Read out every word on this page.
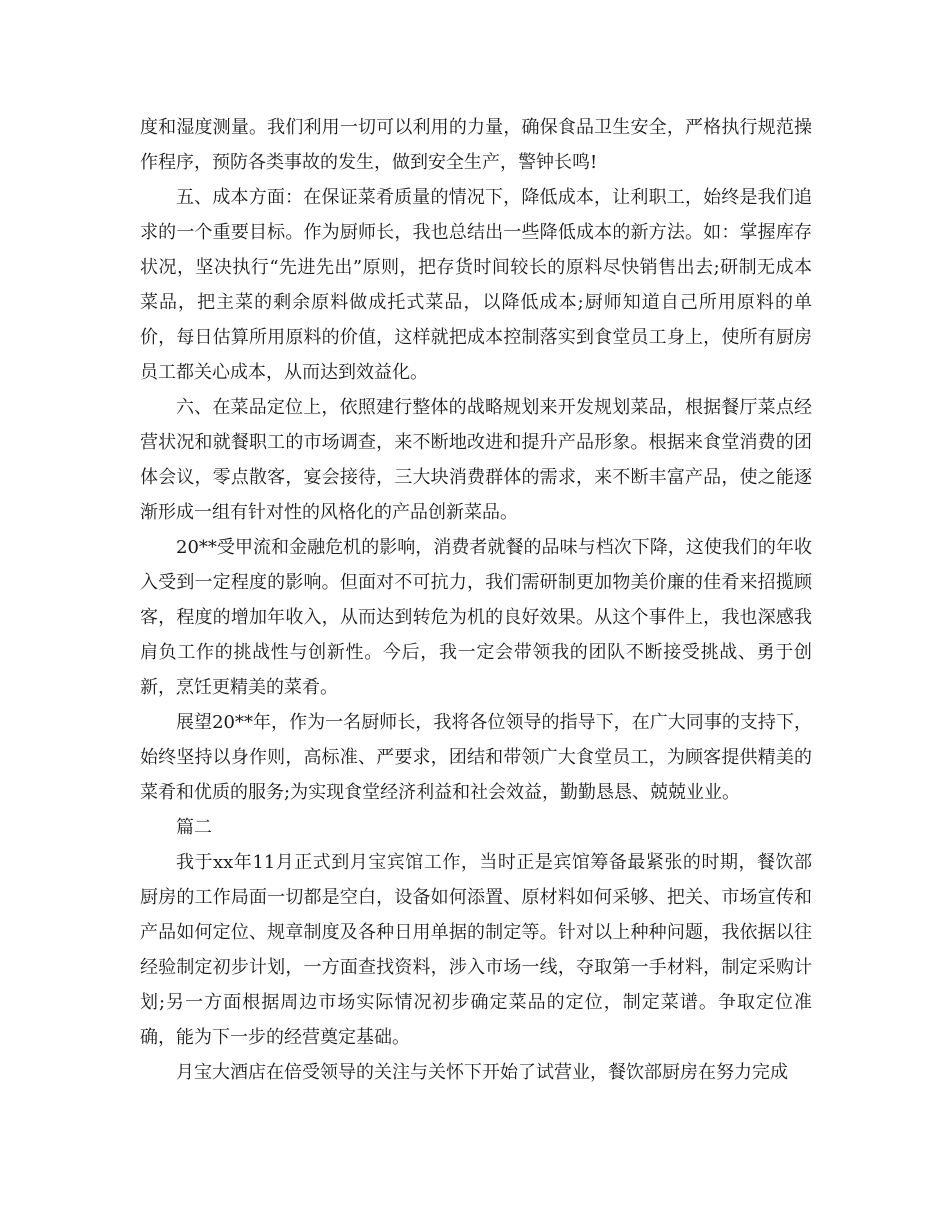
度和湿度测量。我们利用一切可以利用的力量，确保食品卫生安全，严格执行规范操作程序，预防各类事故的发生，做到安全生产，警钟长鸣!

五、成本方面：在保证菜肴质量的情况下，降低成本，让利职工，始终是我们追求的一个重要目标。作为厨师长，我也总结出一些降低成本的新方法。如：掌握库存状况，坚决执行“先进先出”原则，把存货时间较长的原料尽快销售出去;研制无成本菜品，把主菜的剩余原料做成托式菜品，以降低成本;厨师知道自己所用原料的单价，每日估算所用原料的价值，这样就把成本控制落实到食堂员工身上，使所有厨房员工都关心成本，从而达到效益化。

六、在菜品定位上，依照建行整体的战略规划来开发规划菜品，根据餐厅菜点经营状况和就餐职工的市场调查，来不断地改进和提升产品形象。根据来食堂消费的团体会议，零点散客，宴会接待，三大块消费群体的需求，来不断丰富产品，使之能逐渐形成一组有针对性的风格化的产品创新菜品。

20**受甲流和金融危机的影响，消费者就餐的品味与档次下降，这使我们的年收入受到一定程度的影响。但面对不可抗力，我们需研制更加物美价廉的佳肴来招揽顾客，程度的增加年收入，从而达到转危为机的良好效果。从这个事件上，我也深感我肩负工作的挑战性与创新性。今后，我一定会带领我的团队不断接受挑战、勇于创新，烹饪更精美的菜肴。

展望20**年，作为一名厨师长，我将各位领导的指导下，在广大同事的支持下，始终坚持以身作则，高标准、严要求，团结和带领广大食堂员工，为顾客提供精美的菜肴和优质的服务;为实现食堂经济利益和社会效益，勤勤恳恳、兢兢业业。

篇二

我于xx年11月正式到月宝宾馆工作，当时正是宾馆筹备最紧张的时期，餐饮部厨房的工作局面一切都是空白，设备如何添置、原材料如何采够、把关、市场宣传和产品如何定位、规章制度及各种日用单据的制定等。针对以上种种问题，我依据以往经验制定初步计划，一方面查找资料，涉入市场一线，夺取第一手材料，制定采购计划;另一方面根据周边市场实际情况初步确定菜品的定位，制定菜谱。争取定位准确，能为下一步的经营奠定基础。

月宝大酒店在倍受领导的关注与关怀下开始了试营业，餐饮部厨房在努力完成
